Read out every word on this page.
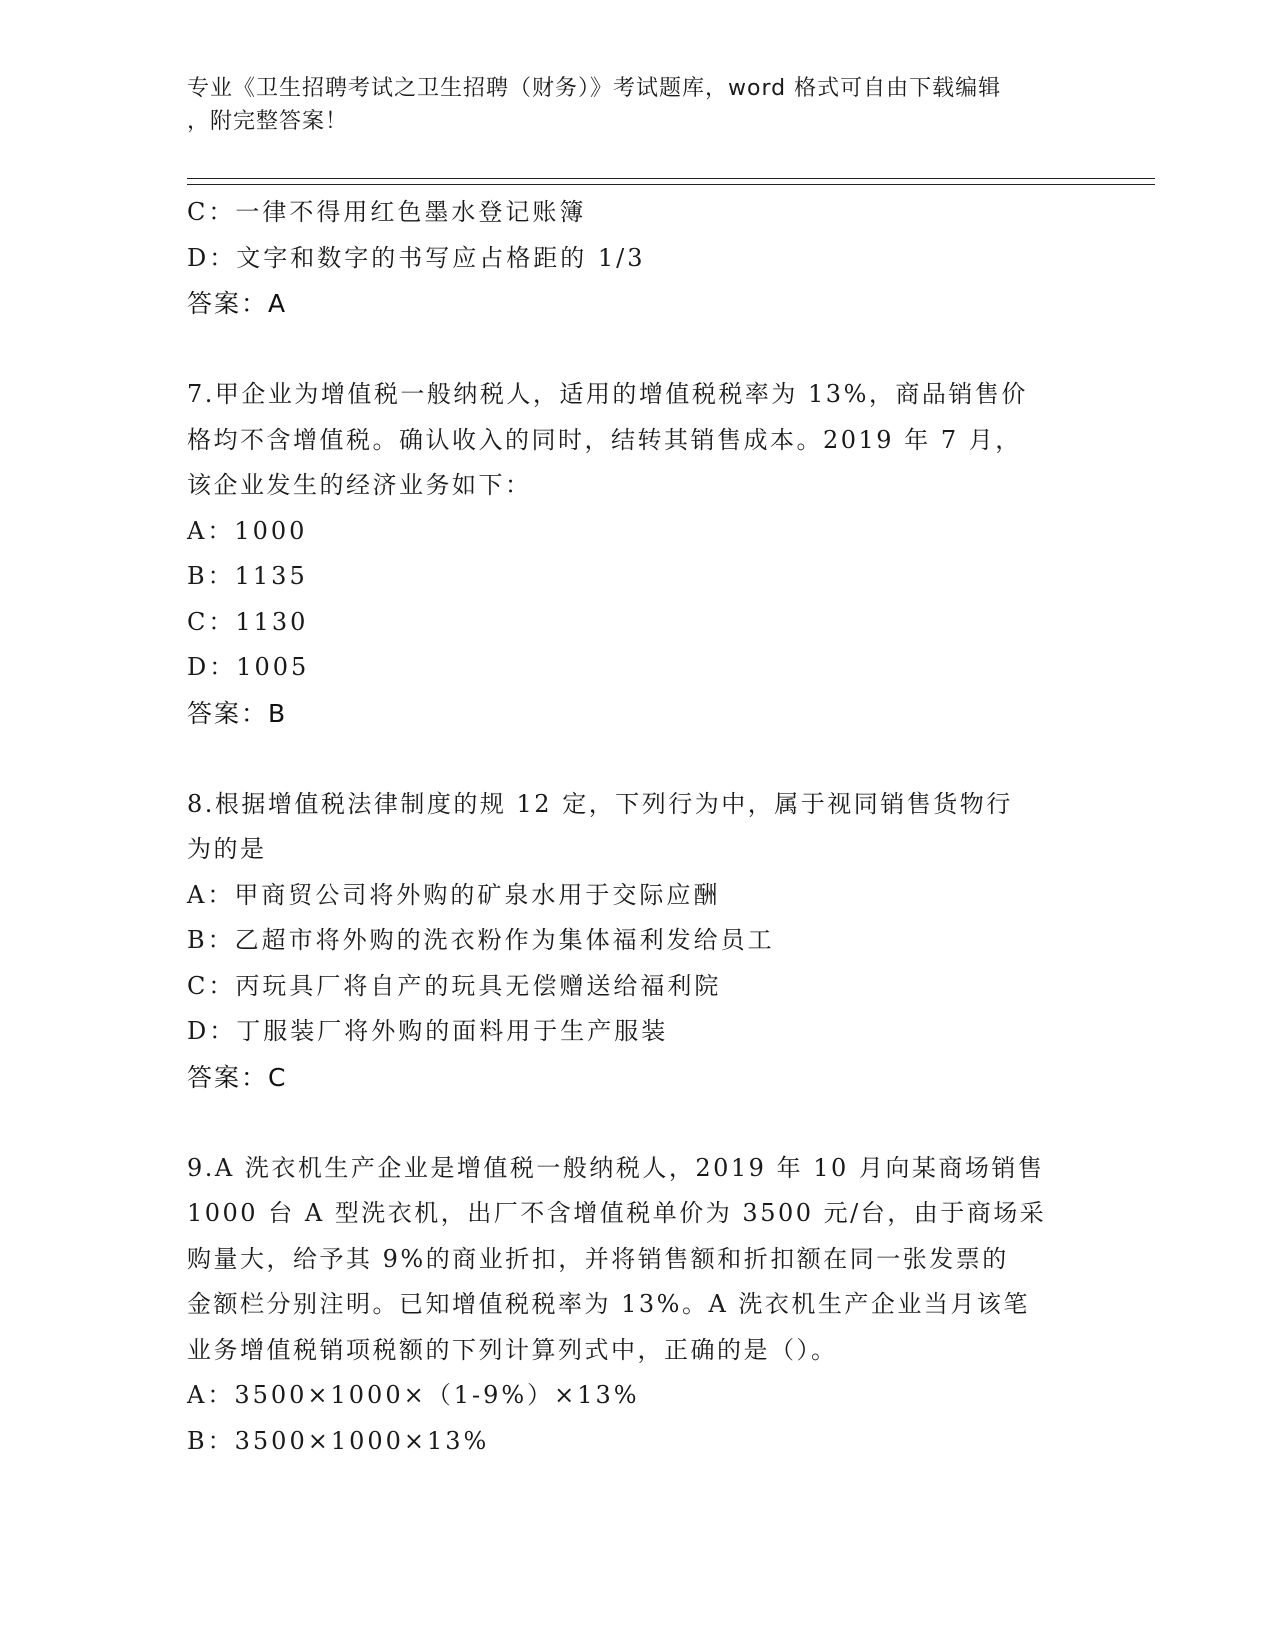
专业《卫生招聘考试之卫生招聘（财务）》考试题库，word 格式可自由下载编辑
，附完整答案！
C：一律不得用红色墨水登记账簿
D：文字和数字的书写应占格距的 1/3
答案：A
7.甲企业为增值税一般纳税人，适用的增值税税率为 13%，商品销售价
格均不含增值税。确认收入的同时，结转其销售成本。2019 年 7 月，
该企业发生的经济业务如下：
A：1000
B：1135
C：1130
D：1005
答案：B
8.根据增值税法律制度的规 12 定，下列行为中，属于视同销售货物行
为的是
A：甲商贸公司将外购的矿泉水用于交际应酬
B：乙超市将外购的洗衣粉作为集体福利发给员工
C：丙玩具厂将自产的玩具无偿赠送给福利院
D：丁服装厂将外购的面料用于生产服装
答案：C
9.A 洗衣机生产企业是增值税一般纳税人，2019 年 10 月向某商场销售
1000 台 A 型洗衣机，出厂不含增值税单价为 3500 元/台，由于商场采
购量大，给予其 9%的商业折扣，并将销售额和折扣额在同一张发票的
金额栏分别注明。已知增值税税率为 13%。A 洗衣机生产企业当月该笔
业务增值税销项税额的下列计算列式中，正确的是（）。
A：3500×1000×（1-9%）×13%
B：3500×1000×13%
